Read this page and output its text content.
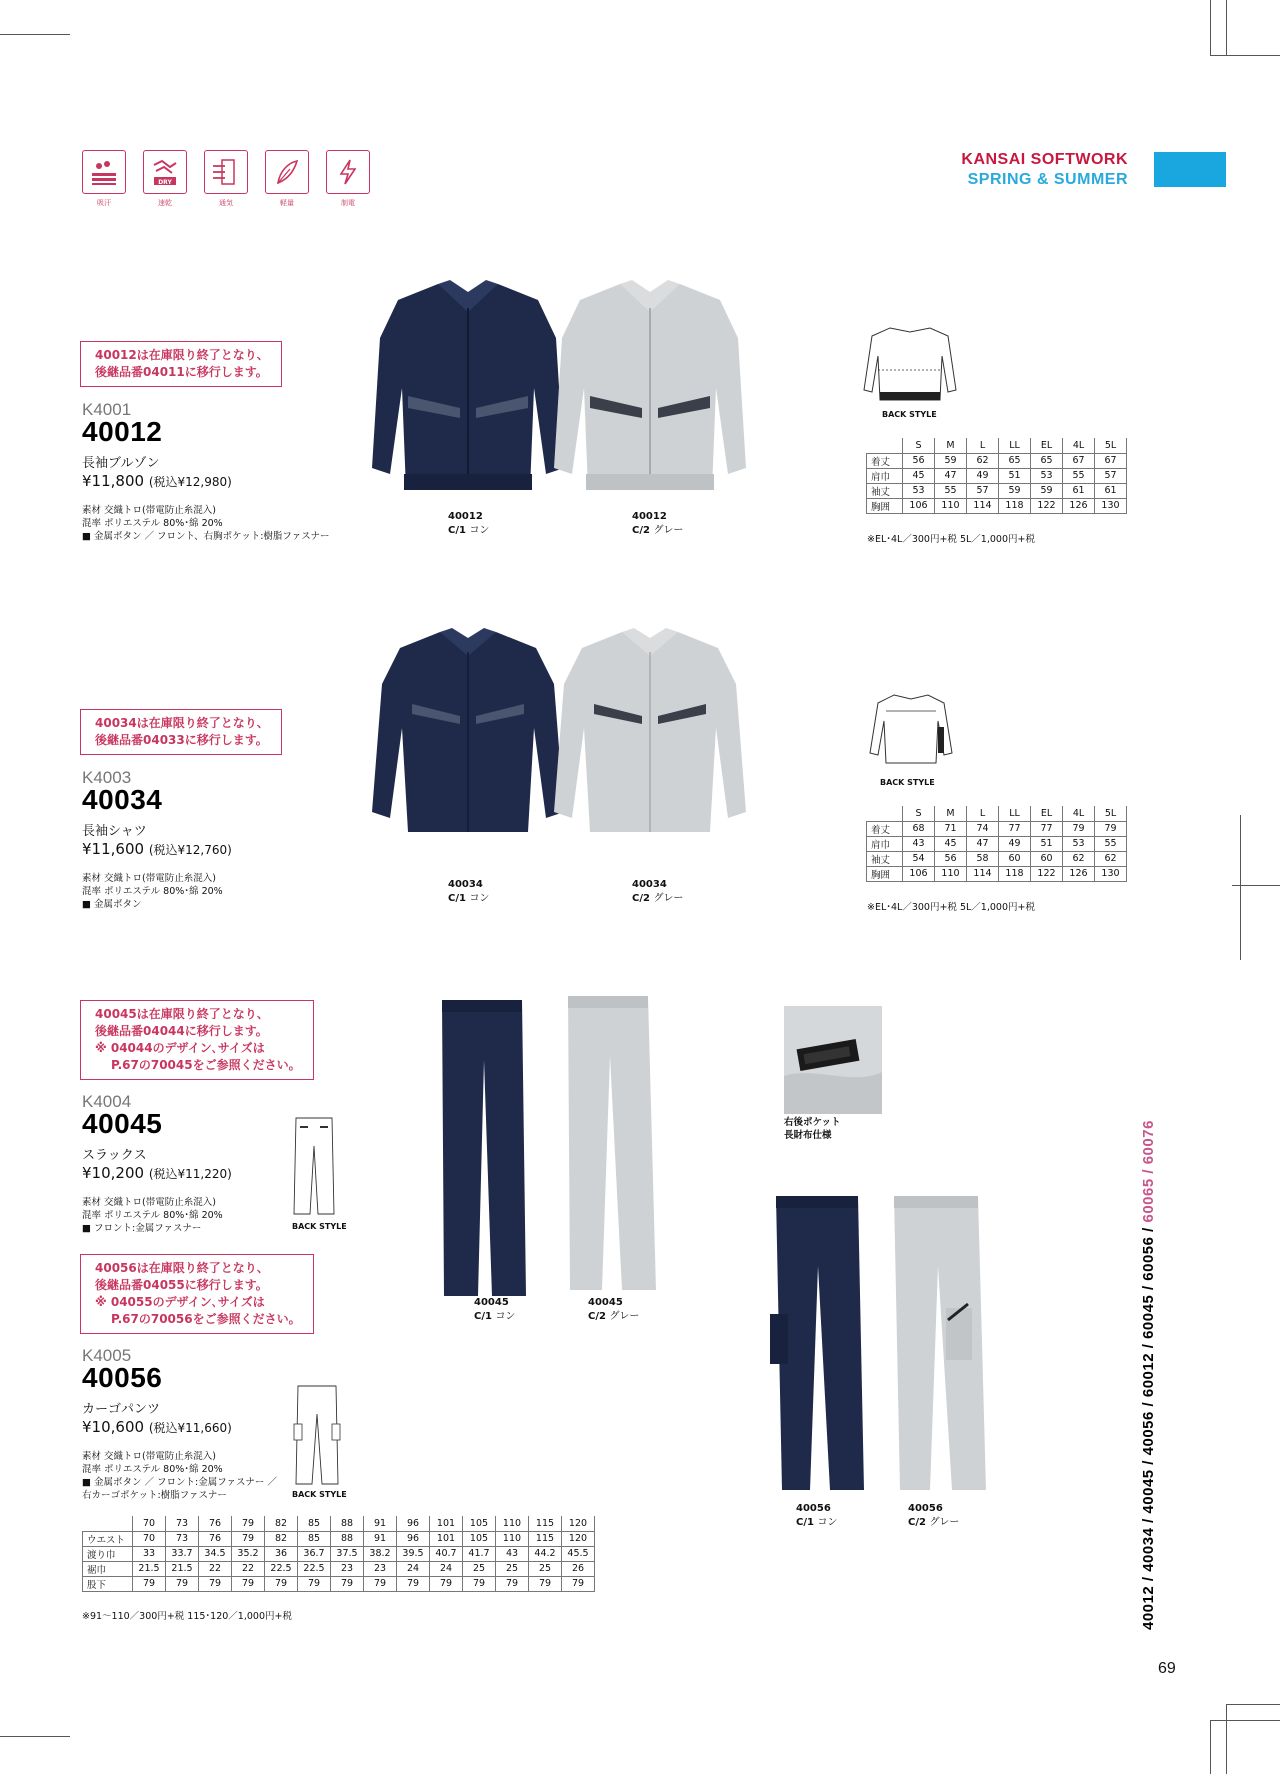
吸汗
DRY
速乾	通気	軽量	制電
KANSAI SOFTWORK
SPRING & SUMMER
40012は在庫限り終了となり、
後継品番04011に移行します。
K4001
40012
長袖ブルゾン
¥11,800 (税込¥12,980)
素材 交織トロ(帯電防止糸混入)
混率 ポリエステル 80%･綿 20%
■ 金属ボタン ／ フロント、右胸ポケット:樹脂ファスナー
40012
C/1 コン
40012
C/2 グレー
BACK STYLE
	S	M	L	LL	EL	4L	5L
着丈	56	59	62	65	65	67	67
肩巾	45	47	49	51	53	55	57
袖丈	53	55	57	59	59	61	61
胸囲	106	110	114	118	122	126	130
※EL･4L／300円+税 5L／1,000円+税
40034は在庫限り終了となり、
後継品番04033に移行します。
K4003
40034
長袖シャツ
¥11,600 (税込¥12,760)
素材 交織トロ(帯電防止糸混入)
混率 ポリエステル 80%･綿 20%
■ 金属ボタン
40034
C/1 コン
40034
C/2 グレー
BACK STYLE
	S	M	L	LL	EL	4L	5L
着丈	68	71	74	77	77	79	79
肩巾	43	45	47	49	51	53	55
袖丈	54	56	58	60	60	62	62
胸囲	106	110	114	118	122	126	130
※EL･4L／300円+税 5L／1,000円+税
40045は在庫限り終了となり、
後継品番04044に移行します。
※ 04044のデザイン､サイズは
P.67の70045をご参照ください。
K4004
40045
スラックス
¥10,200 (税込¥11,220)
素材 交織トロ(帯電防止糸混入)
混率 ポリエステル 80%･綿 20%
■ フロント:金属ファスナー	BACK STYLE
40045
C/1 コン
40045
C/2 グレー
右後ポケット
長財布仕様
40056は在庫限り終了となり、
後継品番04055に移行します。
※ 04055のデザイン､サイズは
P.67の70056をご参照ください。
K4005
40056
カーゴパンツ
¥10,600 (税込¥11,660)
素材 交織トロ(帯電防止糸混入)
混率 ポリエステル 80%･綿 20%
■ 金属ボタン ／ フロント:金属ファスナー ／
右カーゴポケット:樹脂ファスナー	BACK STYLE
40056
C/1 コン
40056
C/2 グレー
	70	73	76	79	82	85	88	91	96	101	105	110	115	120
ウエスト	70	73	76	79	82	85	88	91	96	101	105	110	115	120
渡り巾	33	33.7	34.5	35.2	36	36.7	37.5	38.2	39.5	40.7	41.7	43	44.2	45.5
裾巾	21.5	21.5	22	22	22.5	22.5	23	23	24	24	25	25	25	26
股下	79	79	79	79	79	79	79	79	79	79	79	79	79	79
※91～110／300円+税 115･120／1,000円+税	40012 / 40034 / 40045 / 40056 / 60012 / 60045 / 60056 / 60065 / 60076
69
